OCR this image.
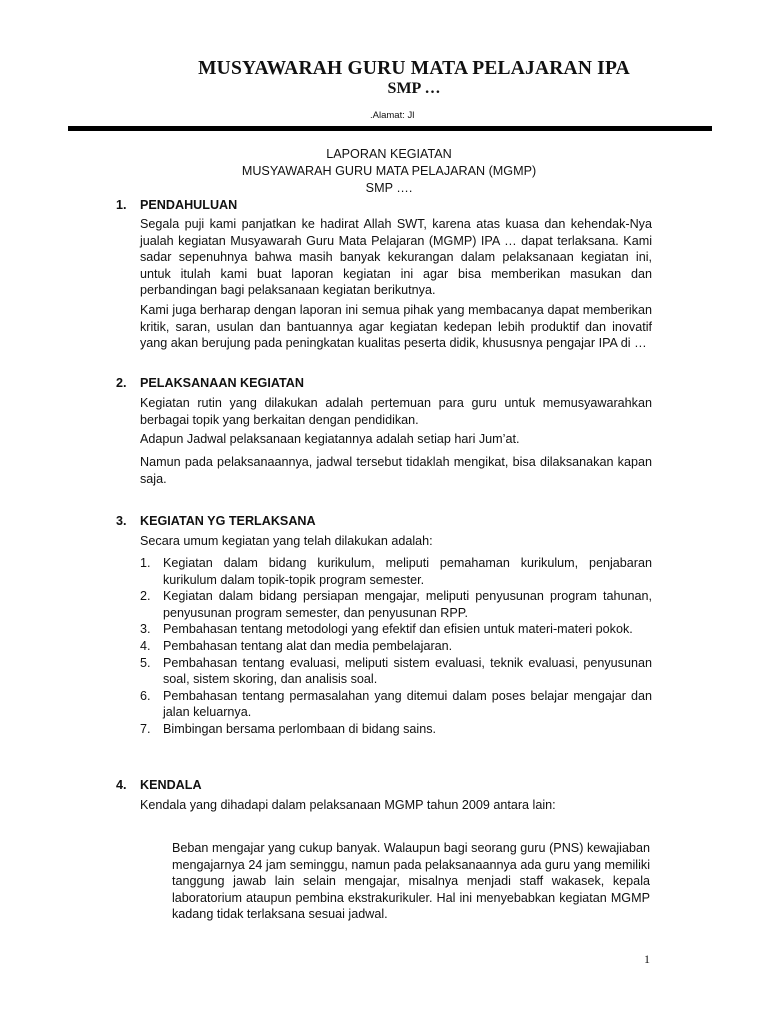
MUSYAWARAH GURU MATA PELAJARAN IPA
SMP …
.Alamat: Jl
LAPORAN KEGIATAN
MUSYAWARAH GURU MATA PELAJARAN (MGMP)
SMP ….
1. PENDAHULUAN
Segala puji kami panjatkan ke hadirat Allah SWT, karena atas kuasa dan kehendak-Nya jualah kegiatan Musyawarah Guru Mata Pelajaran (MGMP) IPA … dapat terlaksana. Kami sadar sepenuhnya bahwa masih banyak kekurangan dalam pelaksanaan kegiatan ini, untuk itulah kami buat laporan kegiatan ini agar bisa memberikan masukan dan perbandingan bagi pelaksanaan kegiatan berikutnya.
Kami juga berharap dengan laporan ini semua pihak yang membacanya dapat memberikan kritik, saran, usulan dan bantuannya agar kegiatan kedepan lebih produktif dan inovatif yang akan berujung pada peningkatan kualitas peserta didik, khususnya pengajar IPA di …
2. PELAKSANAAN KEGIATAN
Kegiatan rutin yang dilakukan adalah pertemuan para guru untuk memusyawarahkan berbagai topik yang berkaitan dengan pendidikan.
Adapun Jadwal pelaksanaan kegiatannya adalah setiap hari Jum’at.
Namun pada pelaksanaannya, jadwal tersebut tidaklah mengikat, bisa dilaksanakan kapan saja.
3. KEGIATAN YG TERLAKSANA
Secara umum kegiatan yang telah dilakukan adalah:
1. Kegiatan dalam bidang kurikulum, meliputi pemahaman kurikulum, penjabaran kurikulum dalam topik-topik program semester.
2. Kegiatan dalam bidang persiapan mengajar, meliputi penyusunan program tahunan, penyusunan program semester, dan penyusunan RPP.
3. Pembahasan tentang metodologi yang efektif dan efisien untuk materi-materi pokok.
4. Pembahasan tentang alat dan media pembelajaran.
5. Pembahasan tentang evaluasi, meliputi sistem evaluasi, teknik evaluasi, penyusunan soal, sistem skoring, dan analisis soal.
6. Pembahasan tentang permasalahan yang ditemui dalam poses belajar mengajar dan jalan keluarnya.
7. Bimbingan bersama perlombaan di bidang sains.
4. KENDALA
Kendala yang dihadapi dalam pelaksanaan MGMP tahun 2009 antara lain:
Beban mengajar yang cukup banyak. Walaupun bagi seorang guru (PNS) kewajiaban mengajarnya 24 jam seminggu, namun pada pelaksanaannya ada guru yang memiliki tanggung jawab lain selain mengajar, misalnya menjadi staff wakasek, kepala laboratorium ataupun pembina ekstrakurikuler. Hal ini menyebabkan kegiatan MGMP kadang tidak terlaksana sesuai jadwal.
1
